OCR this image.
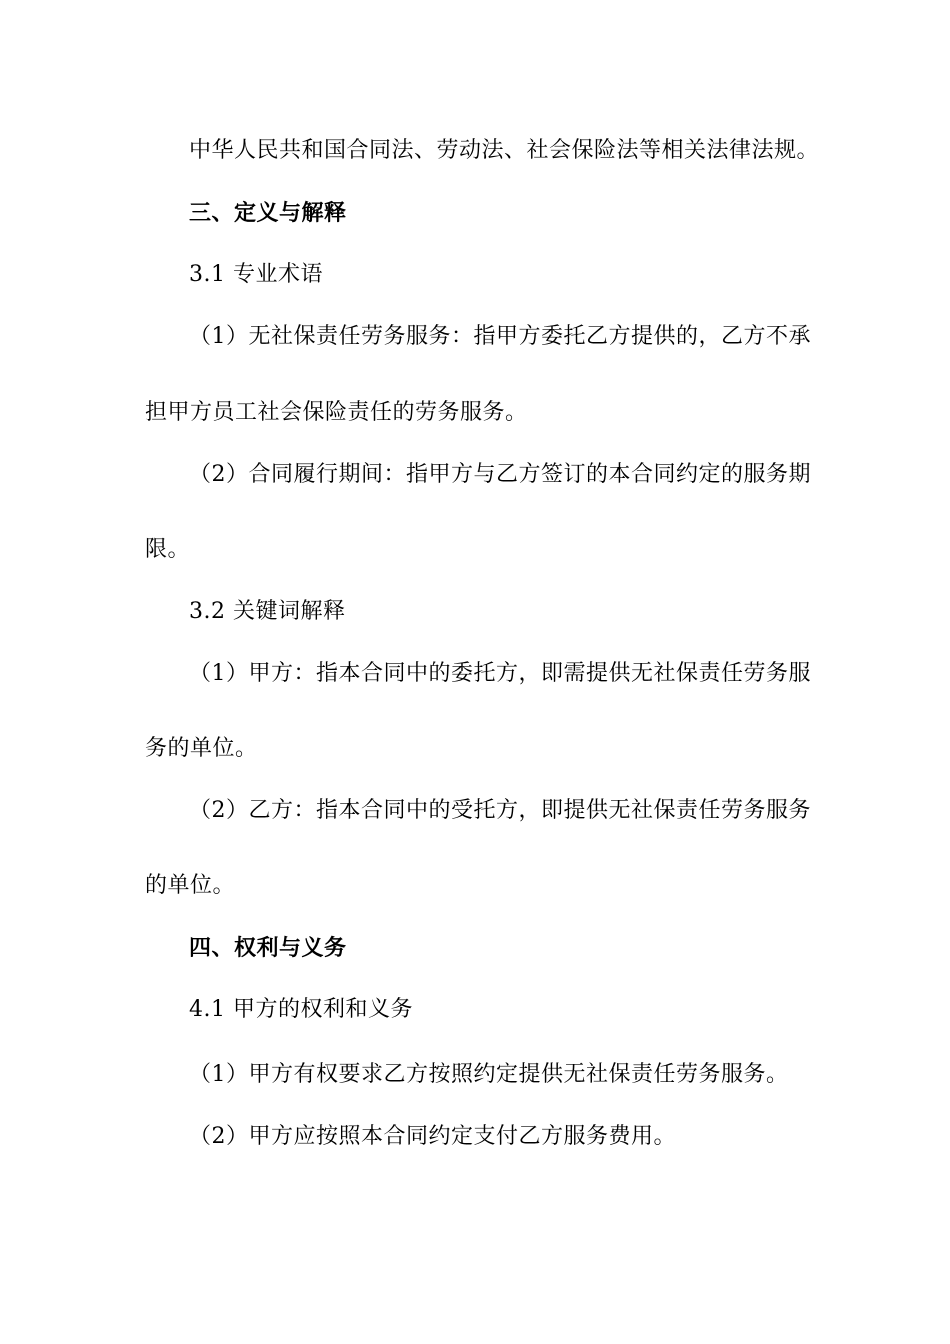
中华人民共和国合同法、劳动法、社会保险法等相关法律法规。

三、定义与解释

3.1 专业术语

（1）无社保责任劳务服务：指甲方委托乙方提供的，乙方不承

担甲方员工社会保险责任的劳务服务。

（2）合同履行期间：指甲方与乙方签订的本合同约定的服务期

限。

3.2 关键词解释

（1）甲方：指本合同中的委托方，即需提供无社保责任劳务服

务的单位。

（2）乙方：指本合同中的受托方，即提供无社保责任劳务服务

的单位。

四、权利与义务

4.1 甲方的权利和义务

（1）甲方有权要求乙方按照约定提供无社保责任劳务服务。

（2）甲方应按照本合同约定支付乙方服务费用。
